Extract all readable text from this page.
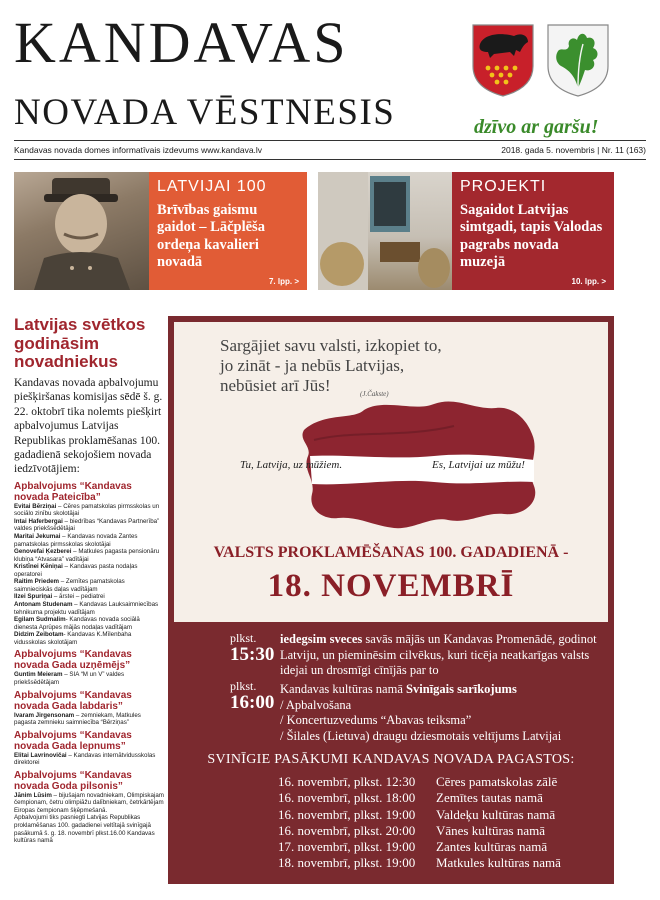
KANDAVAS
NOVADA VĒSTNESIS	dzīvo ar garšu!
Kandavas novada domes informatīvais izdevums www.kandava.lv	2018. gada 5. novembris | Nr. 11 (163)
LATVIJAI 100
Brīvības gaismu gaidot – Lāčplēša ordeņa kavalieri novadā
7. lpp. >
PROJEKTI
Sagaidot Latvijas simtgadi, tapis Valodas pagrabs novada muzejā
10. lpp. >
Latvijas svētkos godināsim novadniekus
Kandavas novada apbalvojumu piešķiršanas komisijas sēdē š. g. 22. oktobrī tika nolemts piešķirt apbalvojumus Latvijas Republikas proklamēšanas 100. gadadienā sekojošiem novada iedzīvotājiem:
Apbalvojums “Kandavas novada Pateicība”
Evitai Bērziņai – Cēres pamatskolas pirmsskolas un sociālo zinību skolotājai
Intai Haferbergai – biedrības “Kandavas Partnerība” valdes priekšsēdētājai
Maritai Jekumai – Kandavas novada Zantes pamatskolas pirmsskolas skolotājai
Genovefai Ķezberei – Matkules pagasta pensionāru klubiņa “Atvasara” vadītājai
Kristīnei Kēniņai – Kandavas pasta nodaļas operatorei
Raitim Priedem – Zemītes pamatskolas saimnieciskās daļas vadītājam
Ilzei Spuriņai – ārstei – pediatrei
Antonam Studenam – Kandavas Lauksaimniecības tehnikuma projektu vadītājam
Egilam Sudmalim- Kandavas novada sociālā dienesta Aprūpes mājās nodaļas vadītājam
Didzim Zeibotam- Kandavas K.Mīlenbaha vidusskolas skolotājam
Apbalvojums “Kandavas novada Gada uzņēmējs”
Guntim Meieram – SIA “M un V” valdes priekšsēdētājam
Apbalvojums “Kandavas novada Gada labdaris”
Ivaram Jirgensonam – zemniekam, Matkules pagasta zemnieku saimniecība “Bērziņas”
Apbalvojums “Kandavas novada Gada lepnums”
Elitai Lavrinovičai – Kandavas internātvidusskolas direktorei
Apbalvojums “Kandavas novada Goda pilsonis”
Jānim Lūsim – bijušajam novadniekam, Olimpiskajam čempionam, četru olimpiāžu dalībniekam, četrkārtējam Eiropas čempionam šķēpmešanā.
Apbalvojumi tiks pasniegti Latvijas Republikas proklamēšanas 100. gadadienei veltītajā svinīgajā pasākumā š. g. 18. novembrī plkst.16.00 Kandavas kultūras namā
Sargājiet savu valsti, izkopiet to,
jo zināt - ja nebūs Latvijas,
nebūsiet arī Jūs!	(J.Čakste)
Tu, Latvija, uz mūžiem.	Es, Latvijai uz mūžu!
VALSTS PROKLAMĒŠANAS 100. GADADIENĀ -
18. NOVEMBRĪ
plkst.
15:30
iedegsim sveces savās mājās un Kandavas Promenādē, godinot Latviju, un pieminēsim cilvēkus, kuri ticēja neatkarīgas valsts idejai un drosmīgi cīnījās par to
plkst.
16:00
Kandavas kultūras namā Svinīgais sarīkojums
/ Apbalvošana
/ Koncertuzvedums “Abavas teiksma”
/ Šilales (Lietuva) draugu dziesmotais veltījums Latvijai
SVINĪGIE PASĀKUMI KANDAVAS NOVADA PAGASTOS:
16. novembrī, plkst. 12:30 Cēres pamatskolas zālē
16. novembrī, plkst. 18:00 Zemītes tautas namā
16. novembrī, plkst. 19:00 Valdeķu kultūras namā
16. novembrī, plkst. 20:00 Vānes kultūras namā
17. novembrī, plkst. 19:00 Zantes kultūras namā
18. novembrī, plkst. 19:00 Matkules kultūras namā
